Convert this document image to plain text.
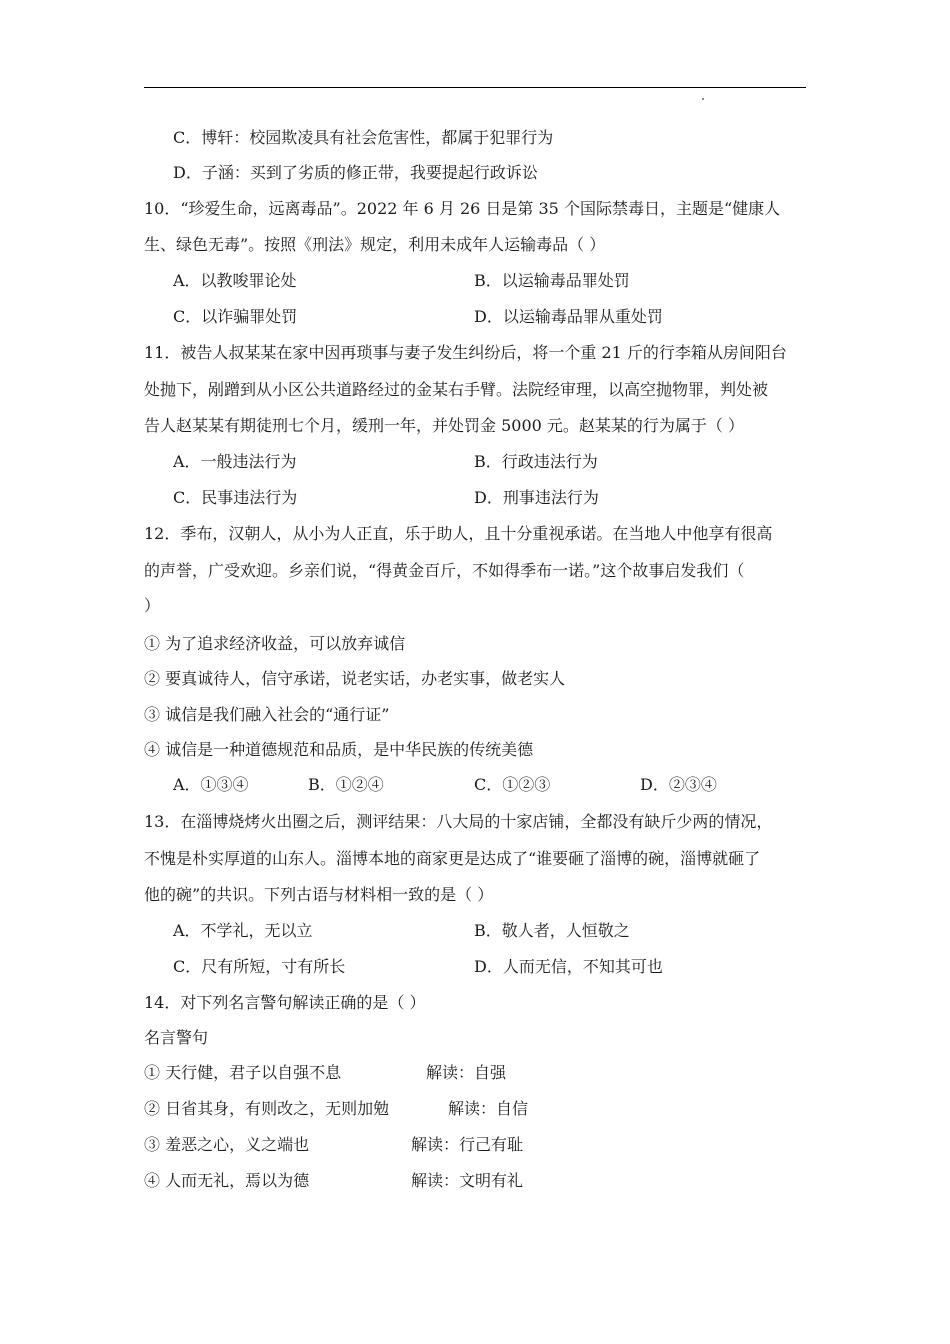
C．博轩：校园欺凌具有社会危害性，都属于犯罪行为
D．子涵：买到了劣质的修正带，我要提起行政诉讼
10．“珍爱生命，远离毒品”。2022 年 6 月 26 日是第 35 个国际禁毒日，主题是“健康人
生、绿色无毒”。按照《刑法》规定，利用未成年人运输毒品（ ）
A．以教唆罪论处	B．以运输毒品罪处罚
C．以诈骗罪处罚	D．以运输毒品罪从重处罚
11．被告人叔某某在家中因再琐事与妻子发生纠纷后，将一个重 21 斤的行李箱从房间阳台
处抛下，剐蹭到从小区公共道路经过的金某右手臂。法院经审理，以高空抛物罪，判处被
告人赵某某有期徒刑七个月，缓刑一年，并处罚金 5000 元。赵某某的行为属于（ ）
A．一般违法行为	B．行政违法行为
C．民事违法行为	D．刑事违法行为
12．季布，汉朝人，从小为人正直，乐于助人，且十分重视承诺。在当地人中他享有很高
的声誉，广受欢迎。乡亲们说，“得黄金百斤，不如得季布一诺。”这个故事启发我们（
）
① 为了追求经济收益，可以放弃诚信
② 要真诚待人，信守承诺，说老实话，办老实事，做老实人
③ 诚信是我们融入社会的“通行证”
④ 诚信是一种道德规范和品质，是中华民族的传统美德
A．①③④	B．①②④	C．①②③	D．②③④
13．在淄博烧烤火出圈之后，测评结果：八大局的十家店铺，全都没有缺斤少两的情况，
不愧是朴实厚道的山东人。淄博本地的商家更是达成了“谁要砸了淄博的碗，淄博就砸了
他的碗”的共识。下列古语与材料相一致的是（ ）
A．不学礼，无以立	B．敬人者，人恒敬之
C．尺有所短，寸有所长	D．人而无信，不知其可也
14．对下列名言警句解读正确的是（ ）
名言警句
① 天行健，君子以自强不息	解读：自强
② 日省其身，有则改之，无则加勉	解读：自信
③ 羞恶之心，义之端也	解读：行己有耻
④ 人而无礼，焉以为德	解读：文明有礼
